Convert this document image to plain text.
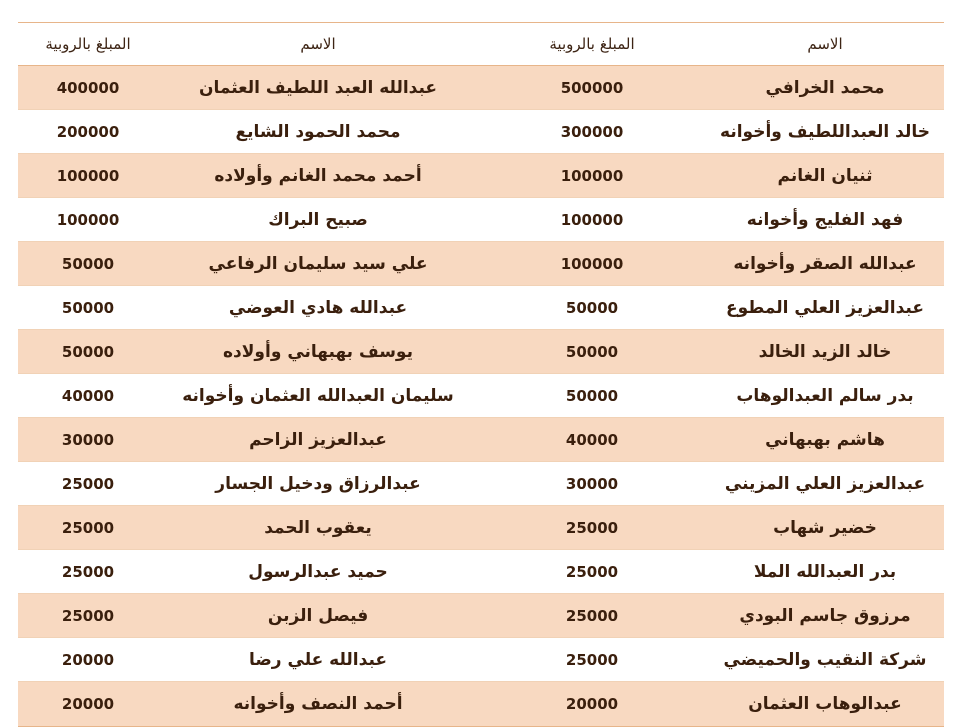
الاسم
المبلغ بالروبية
الاسم
المبلغ بالروبية
محمد الخرافي
500000
عبدالله العبد اللطيف العثمان
400000
خالد العبداللطيف وأخوانه
300000
محمد الحمود الشايع
200000
ثنيان الغانم
100000
أحمد محمد الغانم وأولاده
100000
فهد الفليج وأخوانه
100000
صبيح البراك
100000
عبدالله الصقر وأخوانه
100000
علي سيد سليمان الرفاعي
50000
عبدالعزيز العلي المطوع
50000
عبدالله هادي العوضي
50000
خالد الزيد الخالد
50000
يوسف بهبهاني وأولاده
50000
بدر سالم العبدالوهاب
50000
سليمان العبدالله العثمان وأخوانه
40000
هاشم بهبهاني
40000
عبدالعزيز الزاحم
30000
عبدالعزيز العلي المزيني
30000
عبدالرزاق ودخيل الجسار
25000
خضير شهاب
25000
يعقوب الحمد
25000
بدر العبدالله الملا
25000
حميد عبدالرسول
25000
مرزوق جاسم البودي
25000
فيصل الزبن
25000
شركة النقيب والحميضي
25000
عبدالله علي رضا
20000
عبدالوهاب العثمان
20000
أحمد النصف وأخوانه
20000
